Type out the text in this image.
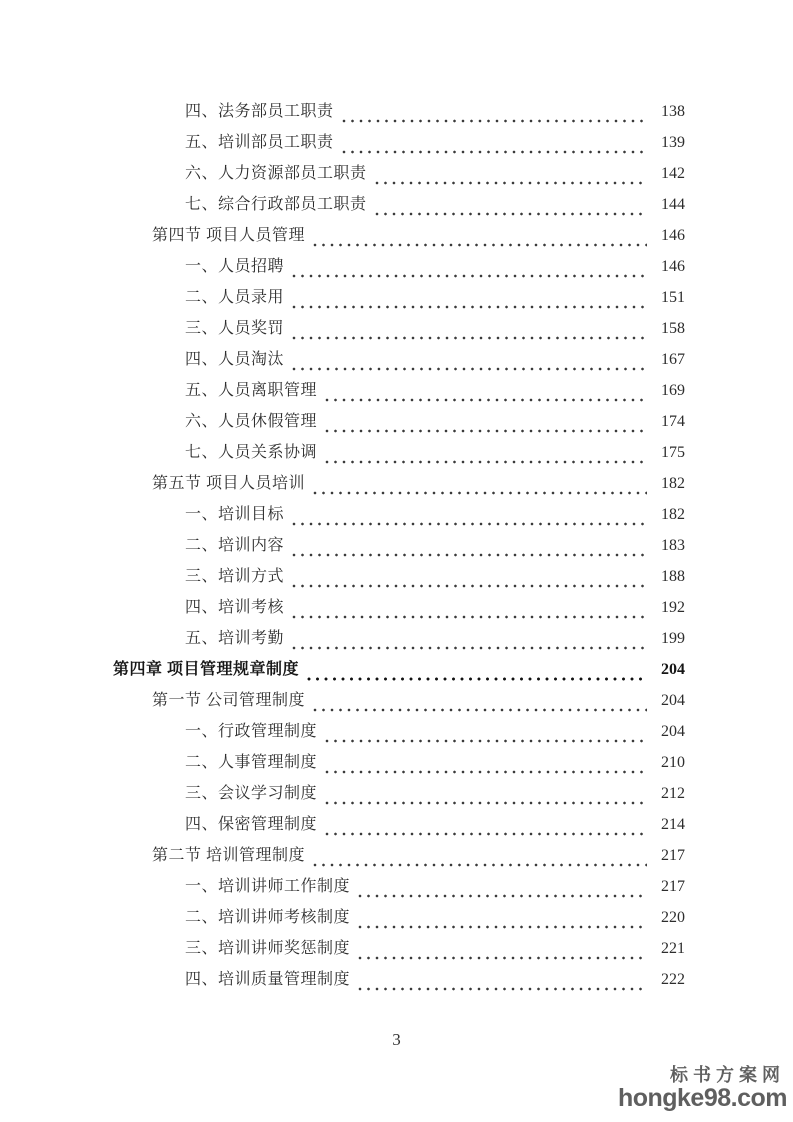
四、法务部员工职责	138
五、培训部员工职责	139
六、人力资源部员工职责	142
七、综合行政部员工职责	144
第四节 项目人员管理	146
一、人员招聘	146
二、人员录用	151
三、人员奖罚	158
四、人员淘汰	167
五、人员离职管理	169
六、人员休假管理	174
七、人员关系协调	175
第五节 项目人员培训	182
一、培训目标	182
二、培训内容	183
三、培训方式	188
四、培训考核	192
五、培训考勤	199
第四章 项目管理规章制度	204
第一节 公司管理制度	204
一、行政管理制度	204
二、人事管理制度	210
三、会议学习制度	212
四、保密管理制度	214
第二节 培训管理制度	217
一、培训讲师工作制度	217
二、培训讲师考核制度	220
三、培训讲师奖惩制度	221
四、培训质量管理制度	222
3
标书方案网
hongke98.com
